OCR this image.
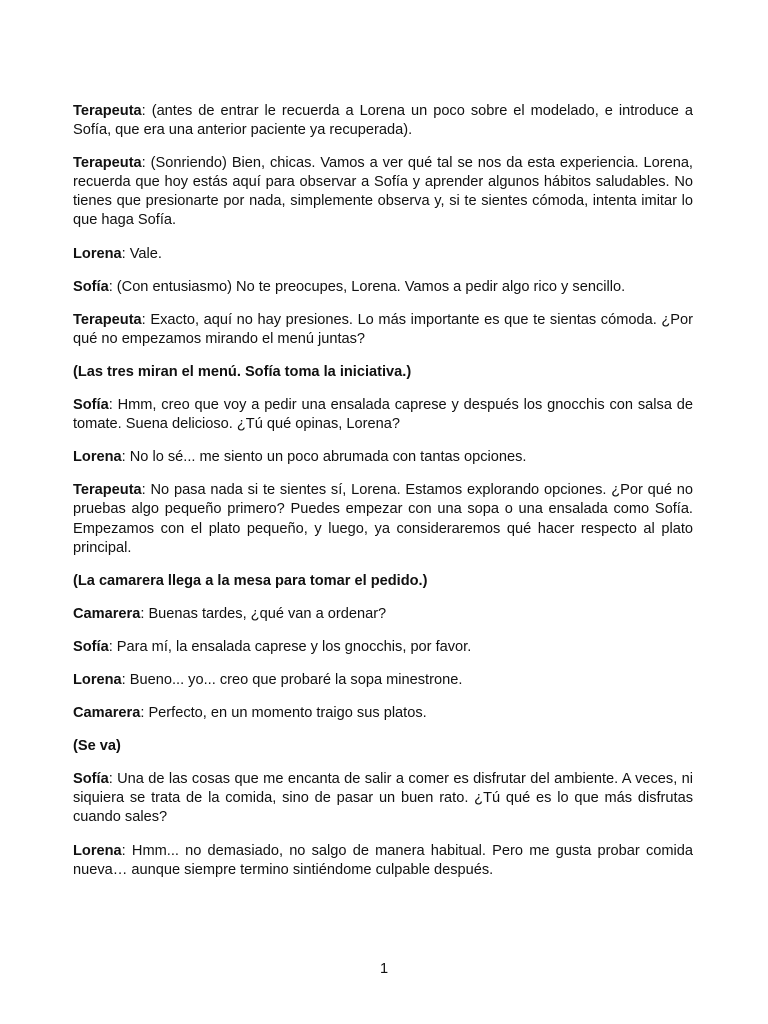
Terapeuta: (antes de entrar le recuerda a Lorena un poco sobre el modelado, e introduce a Sofía, que era una anterior paciente ya recuperada).

Terapeuta: (Sonriendo) Bien, chicas. Vamos a ver qué tal se nos da esta experiencia. Lorena, recuerda que hoy estás aquí para observar a Sofía y aprender algunos hábitos saludables. No tienes que presionarte por nada, simplemente observa y, si te sientes cómoda, intenta imitar lo que haga Sofía.

Lorena: Vale.

Sofía: (Con entusiasmo) No te preocupes, Lorena. Vamos a pedir algo rico y sencillo.

Terapeuta: Exacto, aquí no hay presiones. Lo más importante es que te sientas cómoda. ¿Por qué no empezamos mirando el menú juntas?

(Las tres miran el menú. Sofía toma la iniciativa.)

Sofía: Hmm, creo que voy a pedir una ensalada caprese y después los gnocchis con salsa de tomate. Suena delicioso. ¿Tú qué opinas, Lorena?

Lorena: No lo sé... me siento un poco abrumada con tantas opciones.

Terapeuta: No pasa nada si te sientes sí, Lorena. Estamos explorando opciones. ¿Por qué no pruebas algo pequeño primero? Puedes empezar con una sopa o una ensalada como Sofía. Empezamos con el plato pequeño, y luego, ya consideraremos qué hacer respecto al plato principal.

(La camarera llega a la mesa para tomar el pedido.)

Camarera: Buenas tardes, ¿qué van a ordenar?

Sofía: Para mí, la ensalada caprese y los gnocchis, por favor.

Lorena: Bueno... yo... creo que probaré la sopa minestrone.

Camarera: Perfecto, en un momento traigo sus platos.

(Se va)

Sofía: Una de las cosas que me encanta de salir a comer es disfrutar del ambiente. A veces, ni siquiera se trata de la comida, sino de pasar un buen rato. ¿Tú qué es lo que más disfrutas cuando sales?

Lorena: Hmm... no demasiado, no salgo de manera habitual. Pero me gusta probar comida nueva… aunque siempre termino sintiéndome culpable después.

1
